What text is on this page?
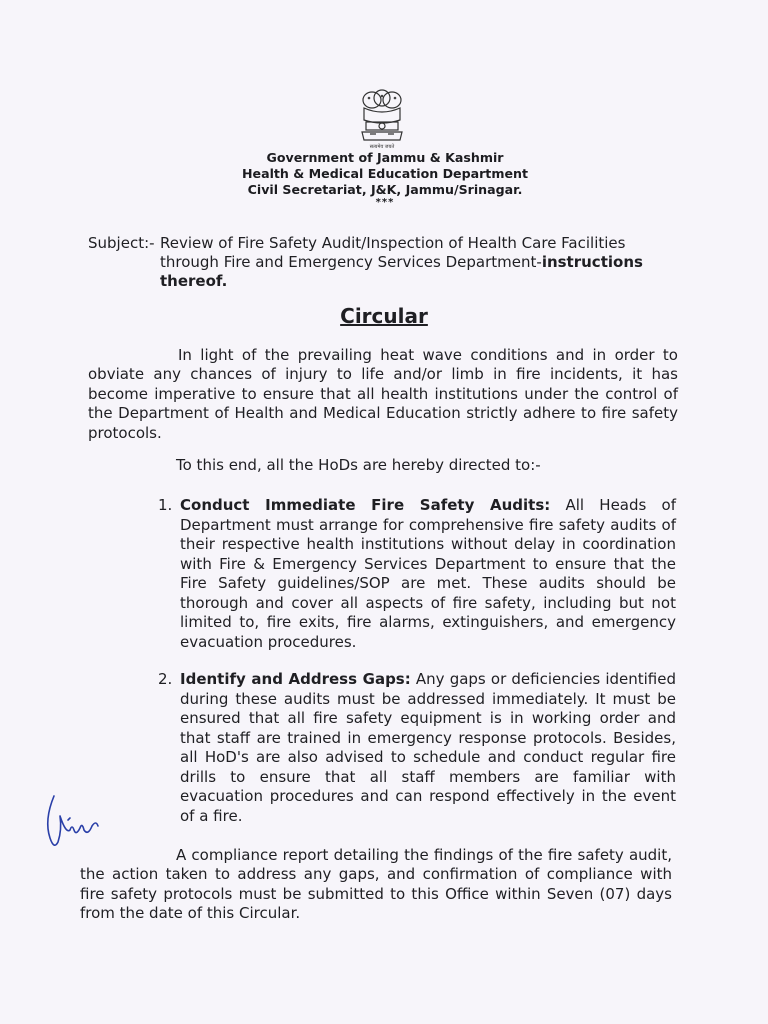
सत्यमेव जयते
Government of Jammu & Kashmir
Health & Medical Education Department
Civil Secretariat, J&K, Jammu/Srinagar.
***
Subject:- Review of Fire Safety Audit/Inspection of Health Care Facilities
through Fire and Emergency Services Department-instructions thereof.
Circular
In light of the prevailing heat wave conditions and in order to obviate any chances of injury to life and/or limb in fire incidents, it has become imperative to ensure that all health institutions under the control of the Department of Health and Medical Education strictly adhere to fire safety protocols.
To this end, all the HoDs are hereby directed to:-
1. Conduct Immediate Fire Safety Audits: All Heads of Department must arrange for comprehensive fire safety audits of their respective health institutions without delay in coordination with Fire & Emergency Services Department to ensure that the Fire Safety guidelines/SOP are met. These audits should be thorough and cover all aspects of fire safety, including but not limited to, fire exits, fire alarms, extinguishers, and emergency evacuation procedures.
2. Identify and Address Gaps: Any gaps or deficiencies identified during these audits must be addressed immediately. It must be ensured that all fire safety equipment is in working order and that staff are trained in emergency response protocols. Besides, all HoD's are also advised to schedule and conduct regular fire drills to ensure that all staff members are familiar with evacuation procedures and can respond effectively in the event of a fire.
A compliance report detailing the findings of the fire safety audit, the action taken to address any gaps, and confirmation of compliance with fire safety protocols must be submitted to this Office within Seven (07) days from the date of this Circular.
